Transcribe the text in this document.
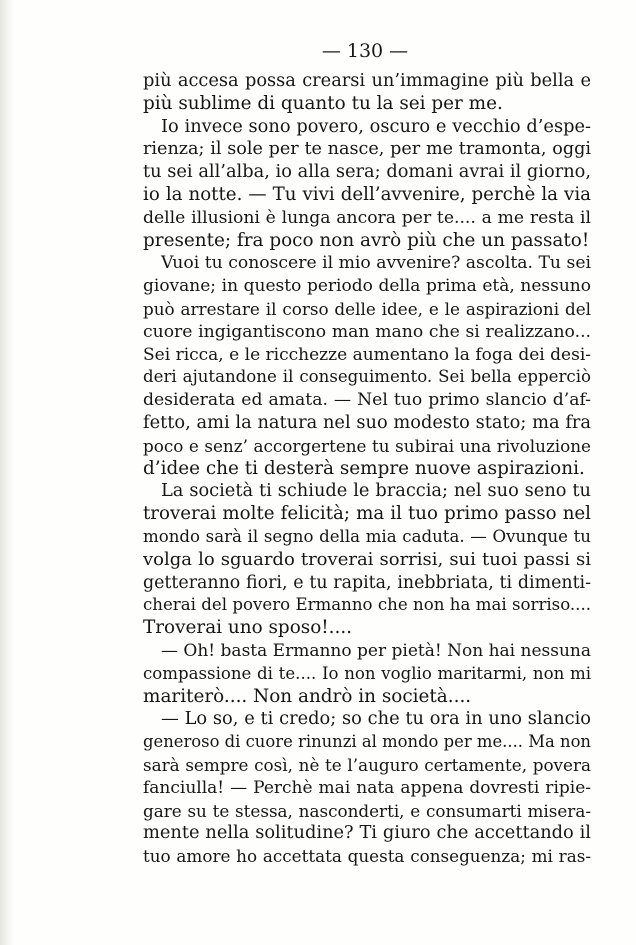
— 130 —
più accesa possa crearsi un’immagine più bella e
più sublime di quanto tu la sei per me.
Io invece sono povero, oscuro e vecchio d’espe-
rienza; il sole per te nasce, per me tramonta, oggi
tu sei all’alba, io alla sera; domani avrai il giorno,
io la notte. — Tu vivi dell’avvenire, perchè la via
delle illusioni è lunga ancora per te.... a me resta il
presente; fra poco non avrò più che un passato!
Vuoi tu conoscere il mio avvenire? ascolta. Tu sei
giovane; in questo periodo della prima età, nessuno
può arrestare il corso delle idee, e le aspirazioni del
cuore ingigantiscono man mano che si realizzano...
Sei ricca, e le ricchezze aumentano la foga dei desi-
deri ajutandone il conseguimento. Sei bella epperciò
desiderata ed amata. — Nel tuo primo slancio d’af-
fetto, ami la natura nel suo modesto stato; ma fra
poco e senz’ accorgertene tu subirai una rivoluzione
d’idee che ti desterà sempre nuove aspirazioni.
La società ti schiude le braccia; nel suo seno tu
troverai molte felicità; ma il tuo primo passo nel
mondo sarà il segno della mia caduta. — Ovunque tu
volga lo sguardo troverai sorrisi, sui tuoi passi si
getteranno fiori, e tu rapita, inebbriata, ti dimenti-
cherai del povero Ermanno che non ha mai sorriso....
Troverai uno sposo!....
— Oh! basta Ermanno per pietà! Non hai nessuna
compassione di te.... Io non voglio maritarmi, non mi
mariterò.... Non andrò in società....
— Lo so, e ti credo; so che tu ora in uno slancio
generoso di cuore rinunzi al mondo per me.... Ma non
sarà sempre così, nè te l’auguro certamente, povera
fanciulla! — Perchè mai nata appena dovresti ripie-
gare su te stessa, nasconderti, e consumarti misera-
mente nella solitudine? Ti giuro che accettando il
tuo amore ho accettata questa conseguenza; mi ras-
